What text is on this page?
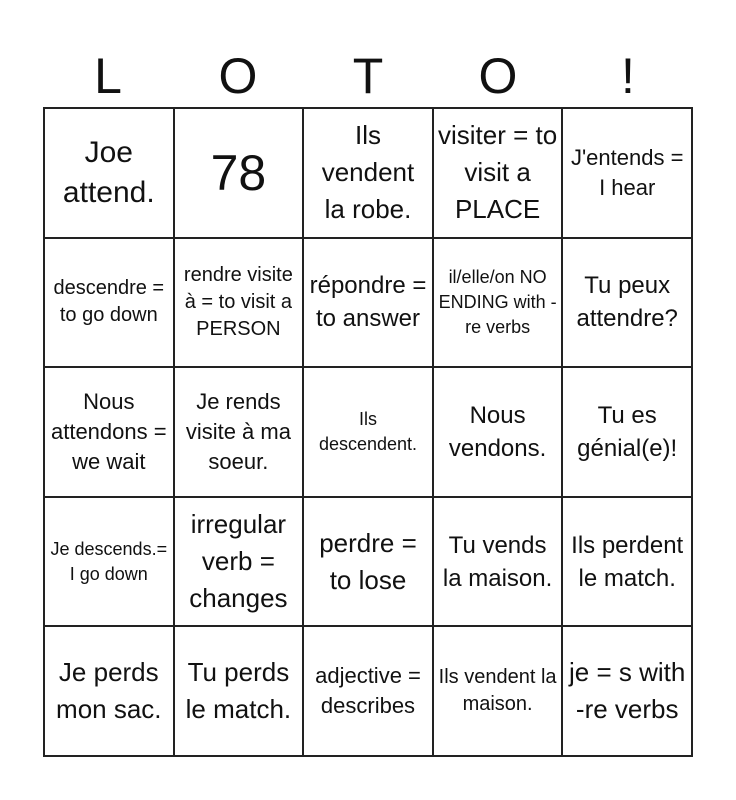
L	O	T	O	!
Joe attend. 78
Ils vendent la robe.
visiter = to visit a PLACE
J'entends = I hear
descendre = to go down
rendre visite à = to visit a PERSON
répondre = to answer
il/elle/on NO ENDING with -re verbs
Tu peux attendre?
Nous attendons = we wait
Je rends visite à ma soeur.
Ils descendent.
Nous vendons.
Tu es génial(e)!
Je descends.= I go down
irregular verb = changes
perdre = to lose
Tu vends la maison.
Ils perdent le match.
Je perds mon sac.
Tu perds le match.
adjective = describes
Ils vendent la maison.
je = s with -re verbs
